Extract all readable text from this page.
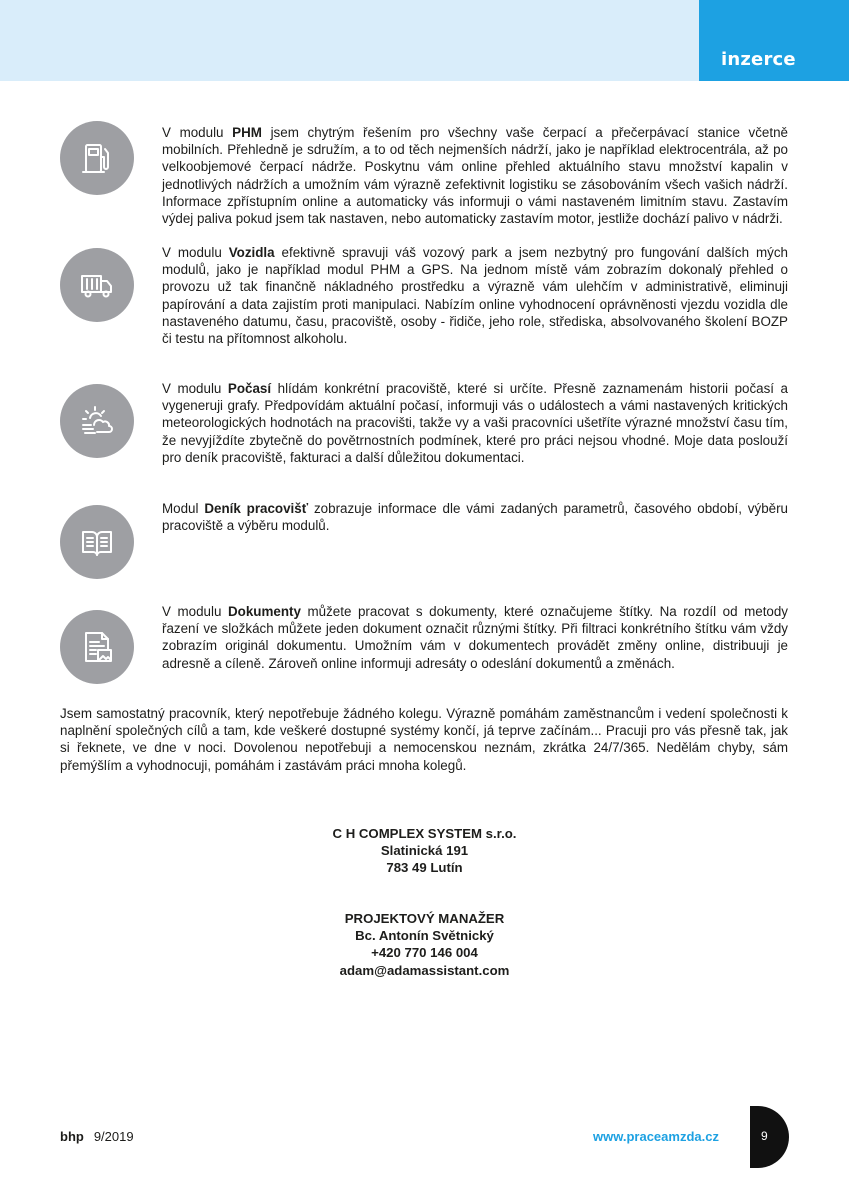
inzerce
V modulu PHM jsem chytrým řešením pro všechny vaše čerpací a přečerpávací stanice včetně mobilních. Přehledně je sdružím, a to od těch nejmenších nádrží, jako je například elektrocentrála, až po velkoobjemové čerpací nádrže. Poskytnu vám online přehled aktuálního stavu množství kapalin v jednotlivých nádržích a umožním vám výrazně zefektivnit logistiku se zásobováním všech vašich nádrží. Informace zpřístupním online a automaticky vás informuji o vámi nastaveném limitním stavu. Zastavím výdej paliva pokud jsem tak nastaven, nebo automaticky zastavím motor, jestliže dochází palivo v nádrži.
V modulu Vozidla efektivně spravuji váš vozový park a jsem nezbytný pro fungování dalších mých modulů, jako je například modul PHM a GPS. Na jednom místě vám zobrazím dokonalý přehled o provozu už tak finančně nákladného prostředku a výrazně vám ulehčím v administrativě, eliminuji papírování a data zajistím proti manipulaci. Nabízím online vyhodnocení oprávněnosti vjezdu vozidla dle nastaveného datumu, času, pracoviště, osoby - řidiče, jeho role, střediska, absolvovaného školení BOZP či testu na přítomnost alkoholu.
V modulu Počasí hlídám konkrétní pracoviště, které si určíte. Přesně zaznamenám historii počasí a vygeneruji grafy. Předpovídám aktuální počasí, informuji vás o událostech a vámi nastavených kritických meteorologických hodnotách na pracovišti, takže vy a vaši pracovníci ušetříte výrazné množství času tím, že nevyjíždíte zbytečně do povětrnostních podmínek, které pro práci nejsou vhodné. Moje data poslouží pro deník pracoviště, fakturaci a další důležitou dokumentaci.
Modul Deník pracovišť zobrazuje informace dle vámi zadaných parametrů, časového období, výběru pracoviště a výběru modulů.
V modulu Dokumenty můžete pracovat s dokumenty, které označujeme štítky. Na rozdíl od metody řazení ve složkách můžete jeden dokument označit různými štítky. Při filtraci konkrétního štítku vám vždy zobrazím originál dokumentu. Umožním vám v dokumentech provádět změny online, distribuuji je adresně a cíleně. Zároveň online informuji adresáty o odeslání dokumentů a změnách.

Jsem samostatný pracovník, který nepotřebuje žádného kolegu. Výrazně pomáhám zaměstnancům i vedení společnosti k naplnění společných cílů a tam, kde veškeré dostupné systémy končí, já teprve začínám... Pracuji pro vás přesně tak, jak si řeknete, ve dne v noci. Dovolenou nepotřebuji a nemocenskou neznám, zkrátka 24/7/365. Nedělám chyby, sám přemýšlím a vyhodnocuji, pomáhám i zastávám práci mnoha kolegů.

C H COMPLEX SYSTEM s.r.o.
Slatinická 191
783 49 Lutín
PROJEKTOVÝ MANAŽER
Bc. Antonín Světnický
+420 770 146 004
adam@adamassistant.com
bhp 9/2019	www.praceamzda.cz	9
